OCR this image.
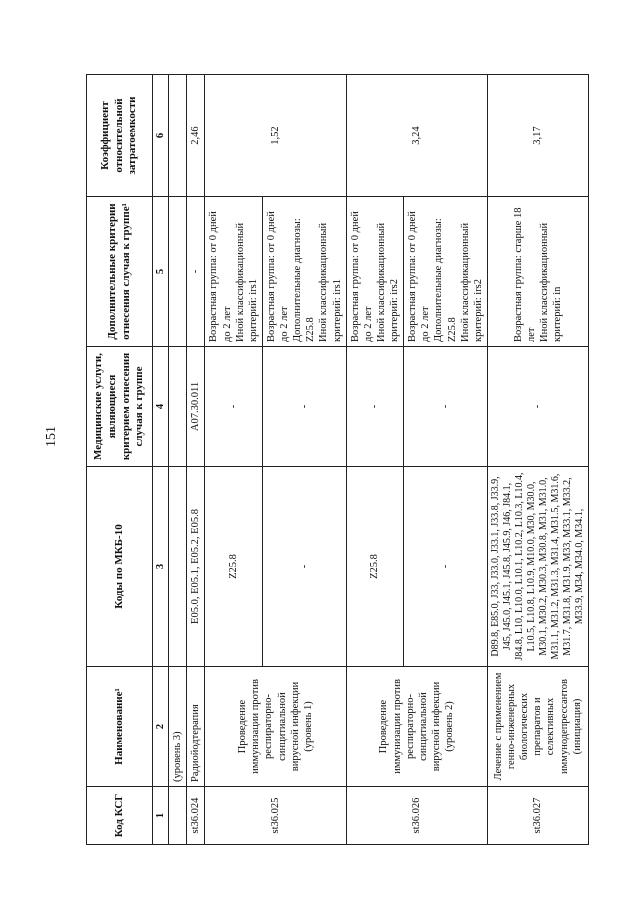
151
Код КСГ	Наименование¹	Коды по МКБ-10	Медицинские услуги, являющиеся критерием отнесения случая к группе	Дополнительные критерии отнесения случая к группе¹	Коэффициент относительной затратоемкости
1	2	3	4	5	6
	(уровень 3)				
st36.024	Радиойодтерапия	E05.0, E05.1, E05.2, E05.8	A07.30.011	-	2,46
st36.025	Проведение иммунизации против респираторно-синцитиальной вирусной инфекции (уровень 1)	Z25.8	-	Возрастная группа: от 0 дней до 2 лет
Иной классификационный критерий: irs1	1,52
		-	-	Возрастная группа: от 0 дней до 2 лет
Дополнительные диагнозы: Z25.8
Иной классификационный критерий: irs1	
st36.026	Проведение иммунизации против респираторно-синцитиальной вирусной инфекции (уровень 2)	Z25.8	-	Возрастная группа: от 0 дней до 2 лет
Иной классификационный критерий: irs2	3,24
		-	-	Возрастная группа: от 0 дней до 2 лет
Дополнительные диагнозы: Z25.8
Иной классификационный критерий: irs2	
st36.027	Лечение с применением генно-инженерных биологических препаратов и селективных иммунодепрессантов (инициация)	D89.8, E85.0, J33, J33.0, J33.1, J33.8, J33.9, J45, J45.0, J45.1, J45.8, J45.9, J46, J84.1, J84.8, L10, L10.0, L10.1, L10.2, L10.3, L10.4, L10.5, L10.8, L10.9, M10.0, M30, M30.0, M30.1, M30.2, M30.3, M30.8, M31, M31.0, M31.1, M31.2, M31.3, M31.4, M31.5, M31.6, M31.7, M31.8, M31.9, M33, M33.1, M33.2, M33.9, M34, M34.0, M34.1,	-	Возрастная группа: старше 18 лет
Иной классификационный критерий: in	3,17
